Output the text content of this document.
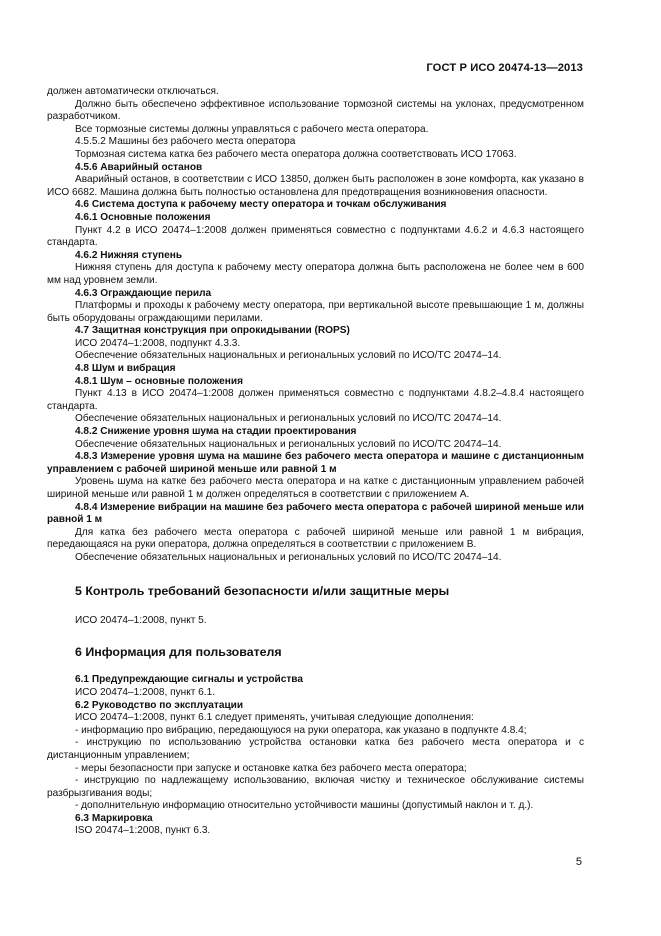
ГОСТ Р ИСО 20474-13—2013

должен автоматически отключаться.

Должно быть обеспечено эффективное использование тормозной системы на уклонах, предусмотренном разработчиком.

Все тормозные системы должны управляться с рабочего места оператора.

4.5.5.2 Машины без рабочего места оператора

Тормозная система катка без рабочего места оператора должна соответствовать ИСО 17063.

4.5.6 Аварийный останов

Аварийный останов, в соответствии с ИСО 13850, должен быть расположен в зоне комфорта, как указано в ИСО 6682. Машина должна быть полностью остановлена для предотвращения возникновения опасности.

4.6 Система доступа к рабочему месту оператора и точкам обслуживания

4.6.1 Основные положения

Пункт 4.2 в ИСО 20474–1:2008 должен применяться совместно с подпунктами 4.6.2 и 4.6.3 настоящего стандарта.

4.6.2 Нижняя ступень

Нижняя ступень для доступа к рабочему месту оператора должна быть расположена не более чем в 600 мм над уровнем земли.

4.6.3 Ограждающие перила

Платформы и проходы к рабочему месту оператора, при вертикальной высоте превышающие 1 м, должны быть оборудованы ограждающими перилами.

4.7 Защитная конструкция при опрокидывании (ROPS)

ИСО 20474–1:2008, подпункт 4.3.3.

Обеспечение обязательных национальных и региональных условий по ИСО/ТС 20474–14.

4.8 Шум и вибрация

4.8.1 Шум – основные положения

Пункт 4.13 в ИСО 20474–1:2008 должен применяться совместно с подпунктами 4.8.2–4.8.4 настоящего стандарта.

Обеспечение обязательных национальных и региональных условий по ИСО/ТС 20474–14.

4.8.2 Снижение уровня шума на стадии проектирования

Обеспечение обязательных национальных и региональных условий по ИСО/ТС 20474–14.

4.8.3 Измерение уровня шума на машине без рабочего места оператора и машине с дистанционным управлением с рабочей шириной меньше или равной 1 м

Уровень шума на катке без рабочего места оператора и на катке с дистанционным управлением рабочей шириной меньше или равной 1 м должен определяться в соответствии с приложением А.

4.8.4 Измерение вибрации на машине без рабочего места оператора с рабочей шириной меньше или равной 1 м

Для катка без рабочего места оператора с рабочей шириной меньше или равной 1 м вибрация, передающаяся на руки оператора, должна определяться в соответствии с приложением В.

Обеспечение обязательных национальных и региональных условий по ИСО/ТС 20474–14.

5 Контроль требований безопасности и/или защитные меры

ИСО 20474–1:2008, пункт 5.

6 Информация для пользователя

6.1 Предупреждающие сигналы и устройства

ИСО 20474–1:2008, пункт 6.1.

6.2 Руководство по эксплуатации

ИСО 20474–1:2008, пункт 6.1 следует применять, учитывая следующие дополнения:

- информацию про вибрацию, передающуюся на руки оператора, как указано в подпункте 4.8.4;

- инструкцию по использованию устройства остановки катка без рабочего места оператора и с дистанционным управлением;

- меры безопасности при запуске и остановке катка без рабочего места оператора;

- инструкцию по надлежащему использованию, включая чистку и техническое обслуживание системы разбрызгивания воды;

- дополнительную информацию относительно устойчивости машины (допустимый наклон и т. д.).

6.3 Маркировка

ISO 20474–1:2008, пункт 6.3.

5
